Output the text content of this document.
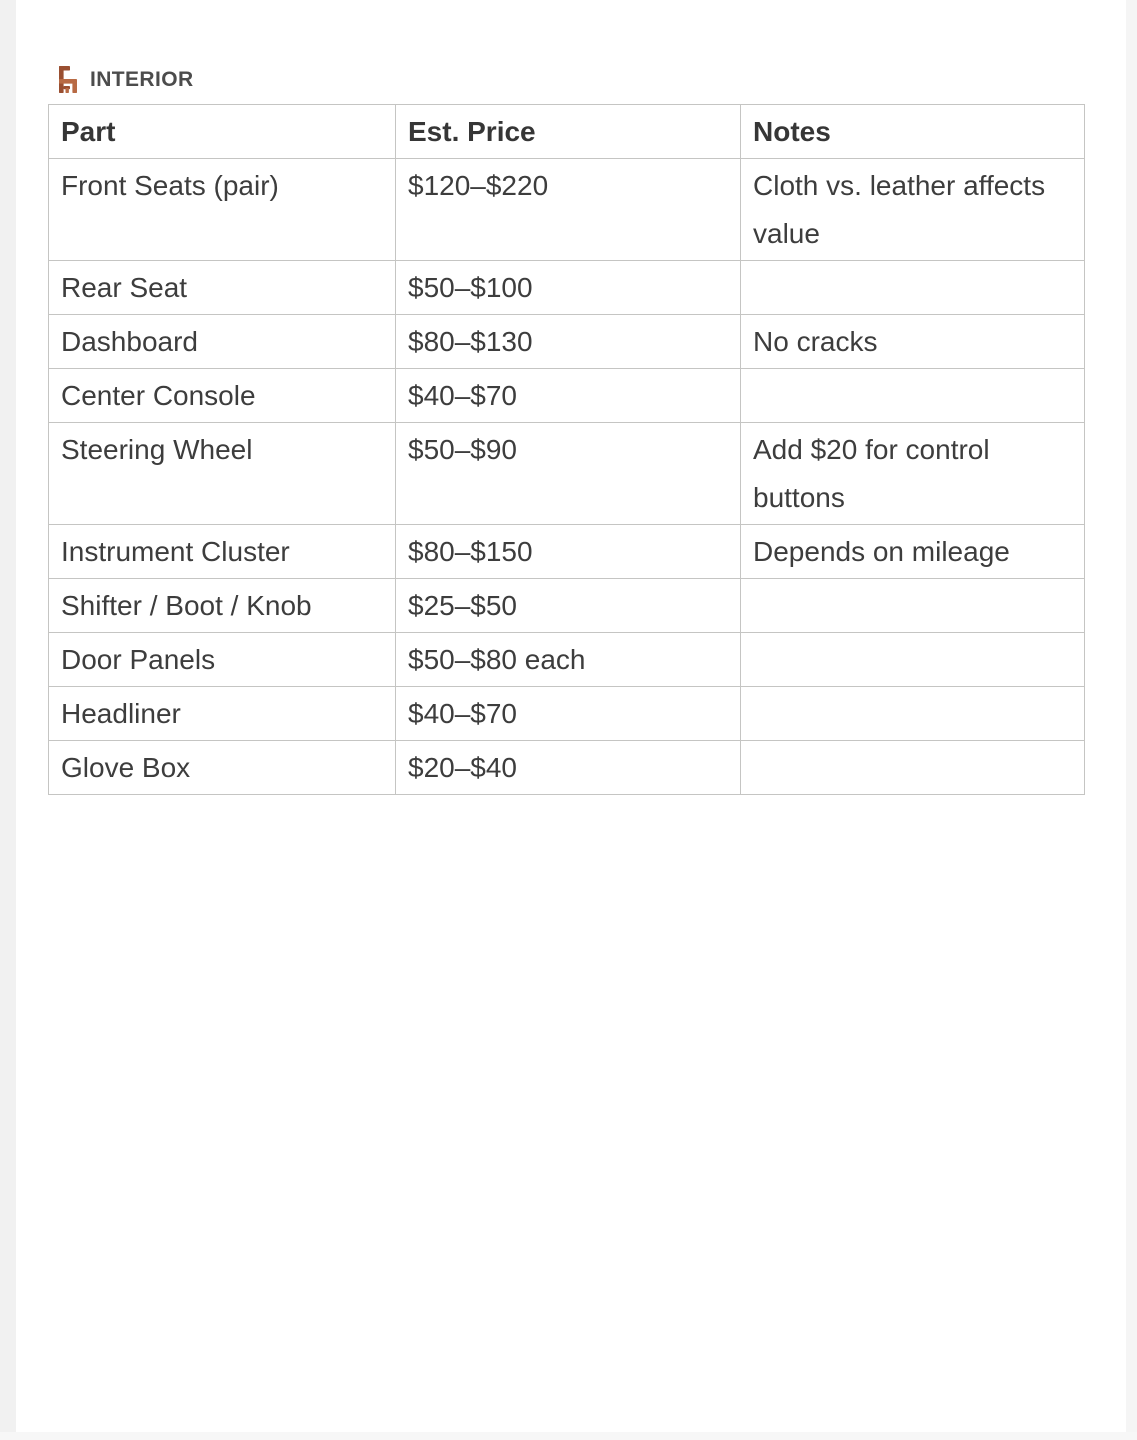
INTERIOR
Part	Est. Price	Notes
Front Seats (pair)	$120–$220	Cloth vs. leather affects value
Rear Seat	$50–$100	
Dashboard	$80–$130	No cracks
Center Console	$40–$70	
Steering Wheel	$50–$90	Add $20 for control buttons
Instrument Cluster	$80–$150	Depends on mileage
Shifter / Boot / Knob	$25–$50	
Door Panels	$50–$80 each	
Headliner	$40–$70	
Glove Box	$20–$40	
